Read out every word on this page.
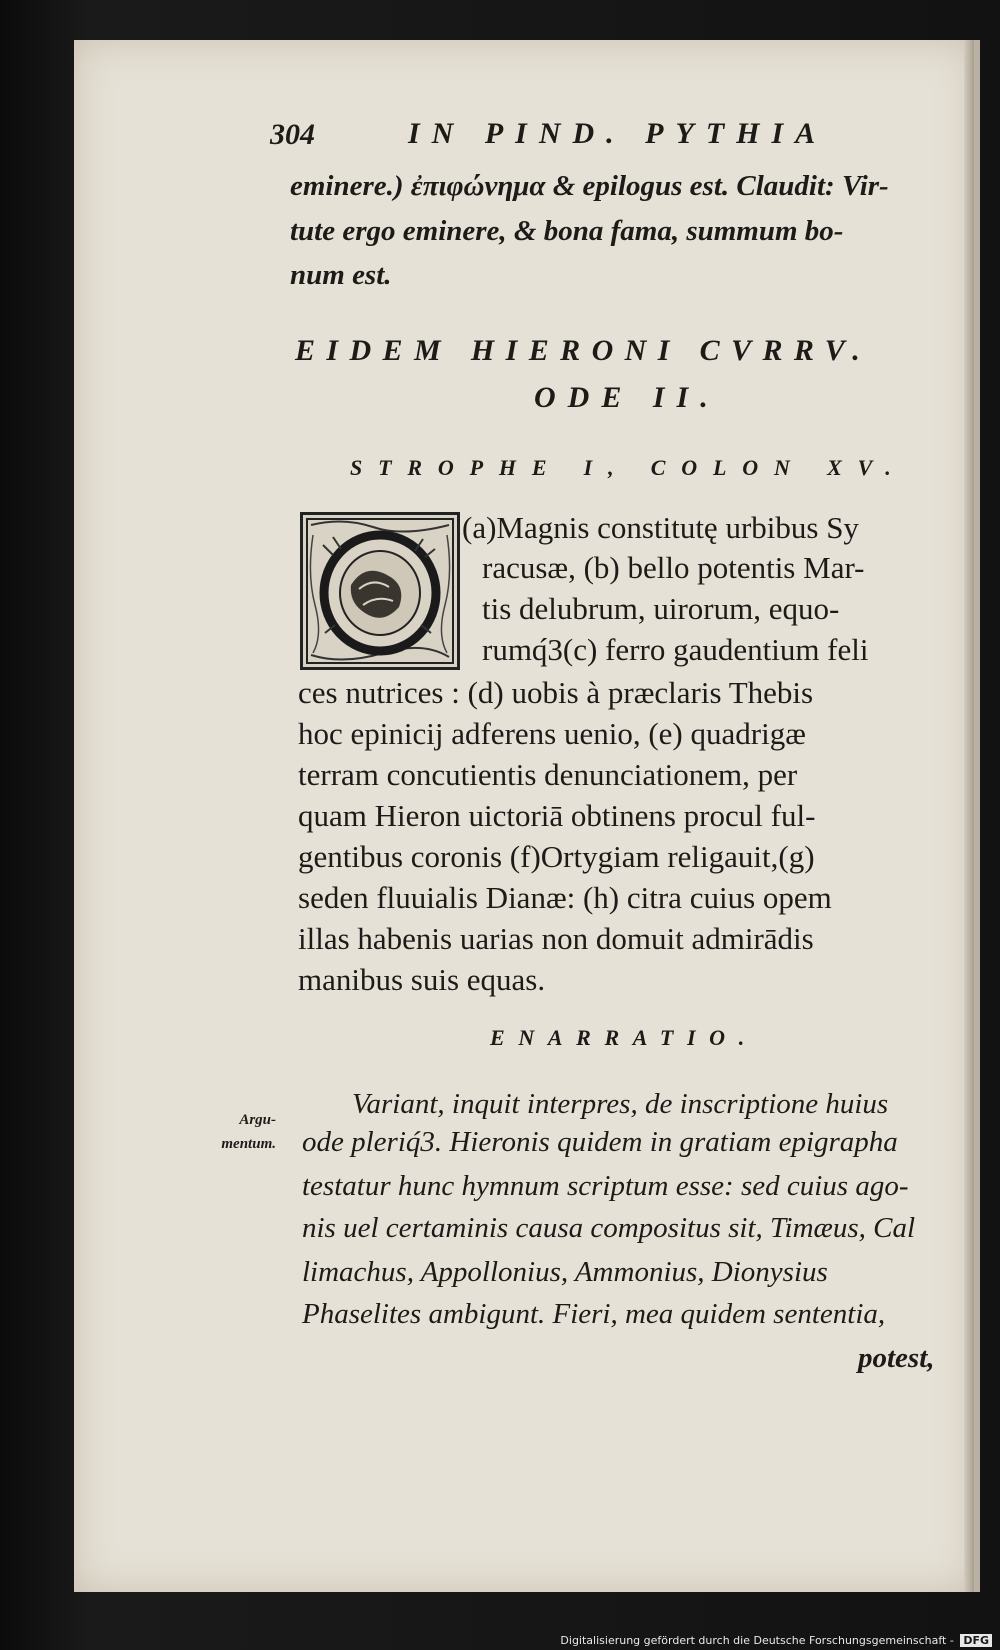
304	IN PIND. PYTHIA
eminere.) ἐπιφώνημα & epilogus est. Claudit: Vir-
tute ergo eminere, & bona fama, summum bo-
num est.
EIDEM HIERONI CVRRV.
ODE II.
STROPHE I, COLON XV.
(a)Magnis constitutę urbibus Sy
racusæ, (b) bello potentis Mar-
tis delubrum, uirorum, equo-
rumq́3(c) ferro gaudentium feli
ces nutrices : (d) uobis à præclaris Thebis
hoc epinicij adferens uenio, (e) quadrigæ
terram concutientis denunciationem, per
quam Hieron uictoriā obtinens procul ful-
gentibus coronis (f)Ortygiam religauit,(g)
seden fluuialis Dianæ: (h) citra cuius opem
illas habenis uarias non domuit admirādis
manibus suis equas.
ENARRATIO.
Argu- mentum.
Variant, inquit interpres, de inscriptione huius
ode pleriq́3. Hieronis quidem in gratiam epigrapha
testatur hunc hymnum scriptum esse: sed cuius ago-
nis uel certaminis causa compositus sit, Timæus, Cal
limachus, Appollonius, Ammonius, Dionysius
Phaselites ambigunt. Fieri, mea quidem sententia,
potest,
Digitalisierung gefördert durch die Deutsche Forschungsgemeinschaft - DFG
